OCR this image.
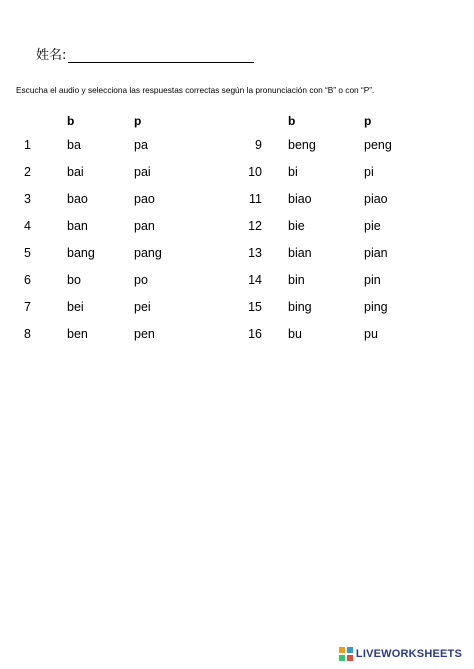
姓名:
Escucha el audio y selecciona las respuestas correctas según la pronunciación con “B” o con “P”.
b	p	b	p
1	ba	pa	9 beng	peng
2	bai	pai	10 bi	pi
3	bao	pao	11 biao	piao
4	ban	pan	12 bie	pie
5	bang	pang	13 bian	pian
6	bo	po	14 bin	pin
7	bei	pei	15 bing	ping
8	ben	pen	16 bu	pu
LIVEWORKSHEETS
